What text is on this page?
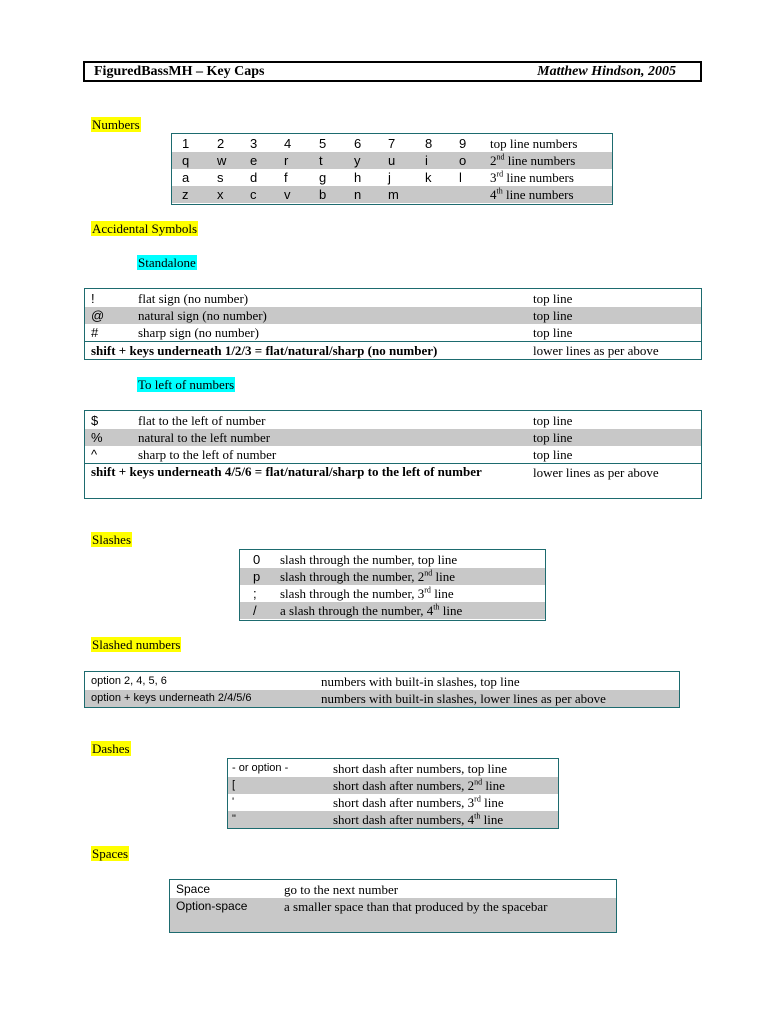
FiguredBassMH – Key Caps	Matthew Hindson, 2005
Numbers
1 2 3 4 5 6 7 8 9 top line numbers
q w e r t y u i o 2nd line numbers
a s d f g h j	k l 3rd line numbers
z x c v b n m	4th line numbers
Accidental Symbols
Standalone
!	flat sign (no number)	top line
@	natural sign (no number)	top line
#	sharp sign (no number)	top line
shift + keys underneath 1/2/3 = flat/natural/sharp (no number)	lower lines as per above
To left of numbers
$	flat to the left of number	top line
%	natural to the left number	top line
^	sharp to the left of number	top line
shift + keys underneath 4/5/6 = flat/natural/sharp to the left of number	lower lines as per above
Slashes
0 slash through the number, top line
p slash through the number, 2nd line
; slash through the number, 3rd line
/ a slash through the number, 4th line
Slashed numbers
option 2, 4, 5, 6	numbers with built-in slashes, top line
option + keys underneath 2/4/5/6	numbers with built-in slashes, lower lines as per above
Dashes
- or option -	short dash after numbers, top line
[	short dash after numbers, 2nd line
'	short dash after numbers, 3rd line
"	short dash after numbers, 4th line
Spaces
Space	go to the next number
Option-space	a smaller space than that produced by the spacebar
